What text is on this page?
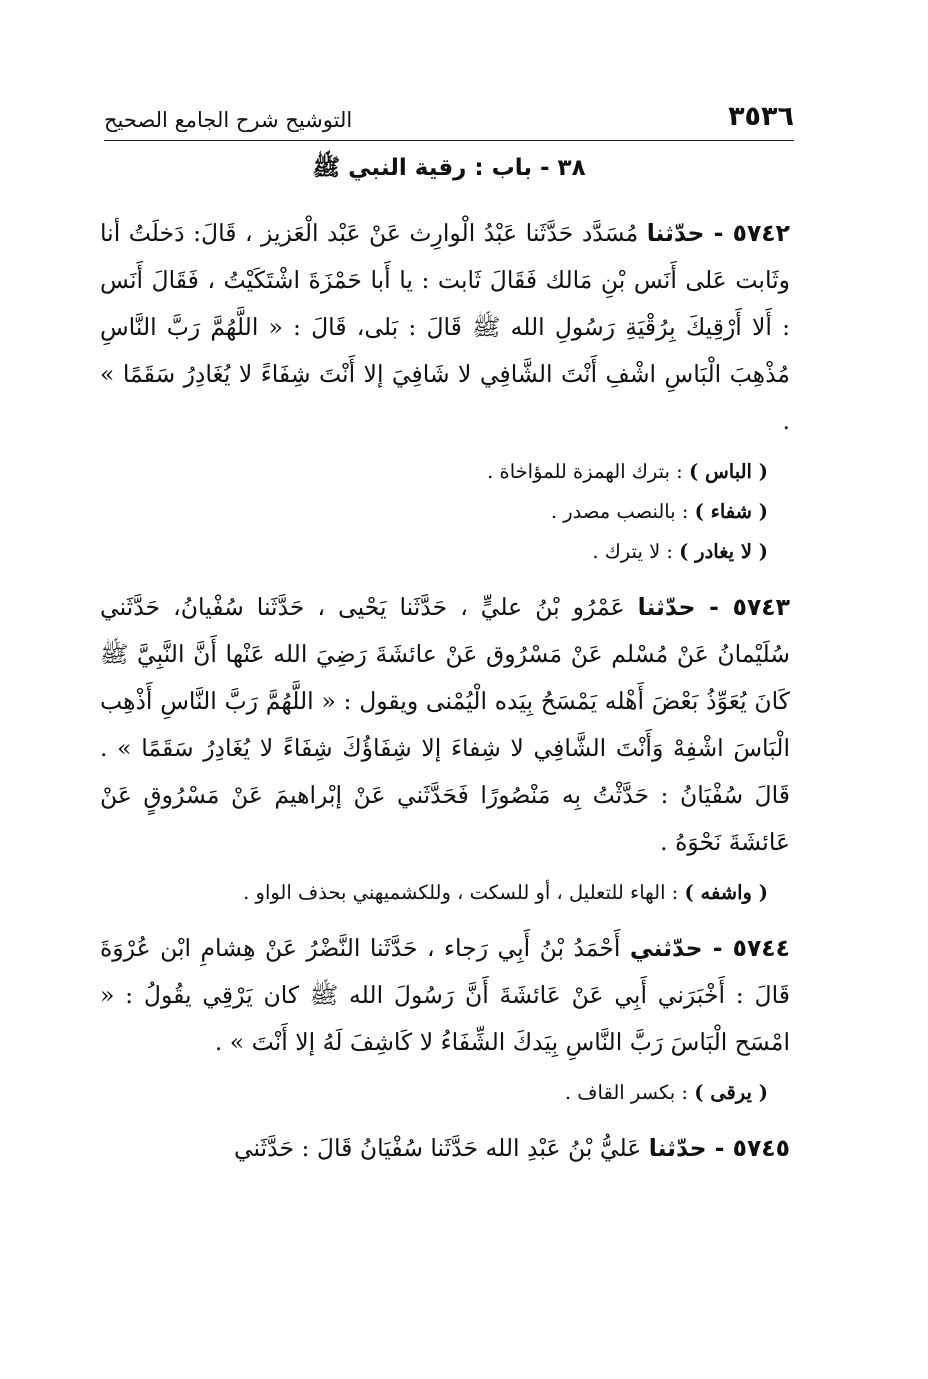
٣٥٣٦
التوشيح شرح الجامع الصحيح
٣٨ - باب : رقية النبي ﷺ

٥٧٤٢ - حدّثنا مُسَدَّد حَدَّثَنا عَبْدُ الْوارِث عَنْ عَبْد الْعَزيز ، قَالَ: دَخلَتُ أنا وثَابت عَلى أَنَس بْنِ مَالك فَقَالَ ثَابت : يا أَبا حَمْزَةَ اشْتَكَيْتُ ، فَقَالَ أَنَس : أَلا أَرْقِيكَ بِرُقْيَةِ رَسُولِ الله ﷺ قَالَ : بَلى، قَالَ : « اللَّهُمَّ رَبَّ النَّاسِ مُذْهِبَ الْبَاسِ اشْفِ أَنْتَ الشَّافِي لا شَافِيَ إلا أَنْتَ شِفَاءً لا يُغَادِرُ سَقَمًا » .

( الباس ) : بترك الهمزة للمؤاخاة .

( شفاء ) : بالنصب مصدر .

( لا يغادر ) : لا يترك .

٥٧٤٣ - حدّثنا عَمْرُو بْنُ عليٍّ ، حَدَّثَنا يَحْيى ، حَدَّثَنا سُفْيانُ، حَدَّثَني سُلَيْمانُ عَنْ مُسْلم عَنْ مَسْرُوق عَنْ عائشَةَ رَضِيَ الله عَنْها أَنَّ النَّبِيَّ ﷺ كَانَ يُعَوِّذُ بَعْضَ أَهْله يَمْسَحُ بِيَده الْيُمْنى ويقول : « اللَّهُمَّ رَبَّ النَّاسِ أَذْهِب الْبَاسَ اشْفِهْ وَأَنْتَ الشَّافِي لا شِفاءَ إلا شِفَاؤُكَ شِفَاءً لا يُغَادِرُ سَقَمًا » . قَالَ سُفْيَانُ : حَدَّثْتُ بِه مَنْصُورًا فَحَدَّثَني عَنْ إبْراهيمَ عَنْ مَسْرُوقٍ عَنْ عَائشَةَ نَحْوَهُ .

( واشفه ) : الهاء للتعليل ، أو للسكت ، وللكشميهني بحذف الواو .

٥٧٤٤ - حدّثني أَحْمَدُ بْنُ أَبِي رَجاء ، حَدَّثَنا النَّضْرُ عَنْ هِشامِ ابْن عُرْوَةَ قَالَ : أَخْبَرَني أَبِي عَنْ عَائشَةَ أَنَّ رَسُولَ الله ﷺ كان يَرْقِي يقُولُ : « امْسَح الْبَاسَ رَبَّ النَّاسِ بِيَدكَ الشِّفَاءُ لا كَاشِفَ لَهُ إلا أَنْتَ » .

( يرقى ) : بكسر القاف .

٥٧٤٥ - حدّثنا عَليُّ بْنُ عَبْدِ الله حَدَّثَنا سُفْيَانُ قَالَ : حَدَّثَني
